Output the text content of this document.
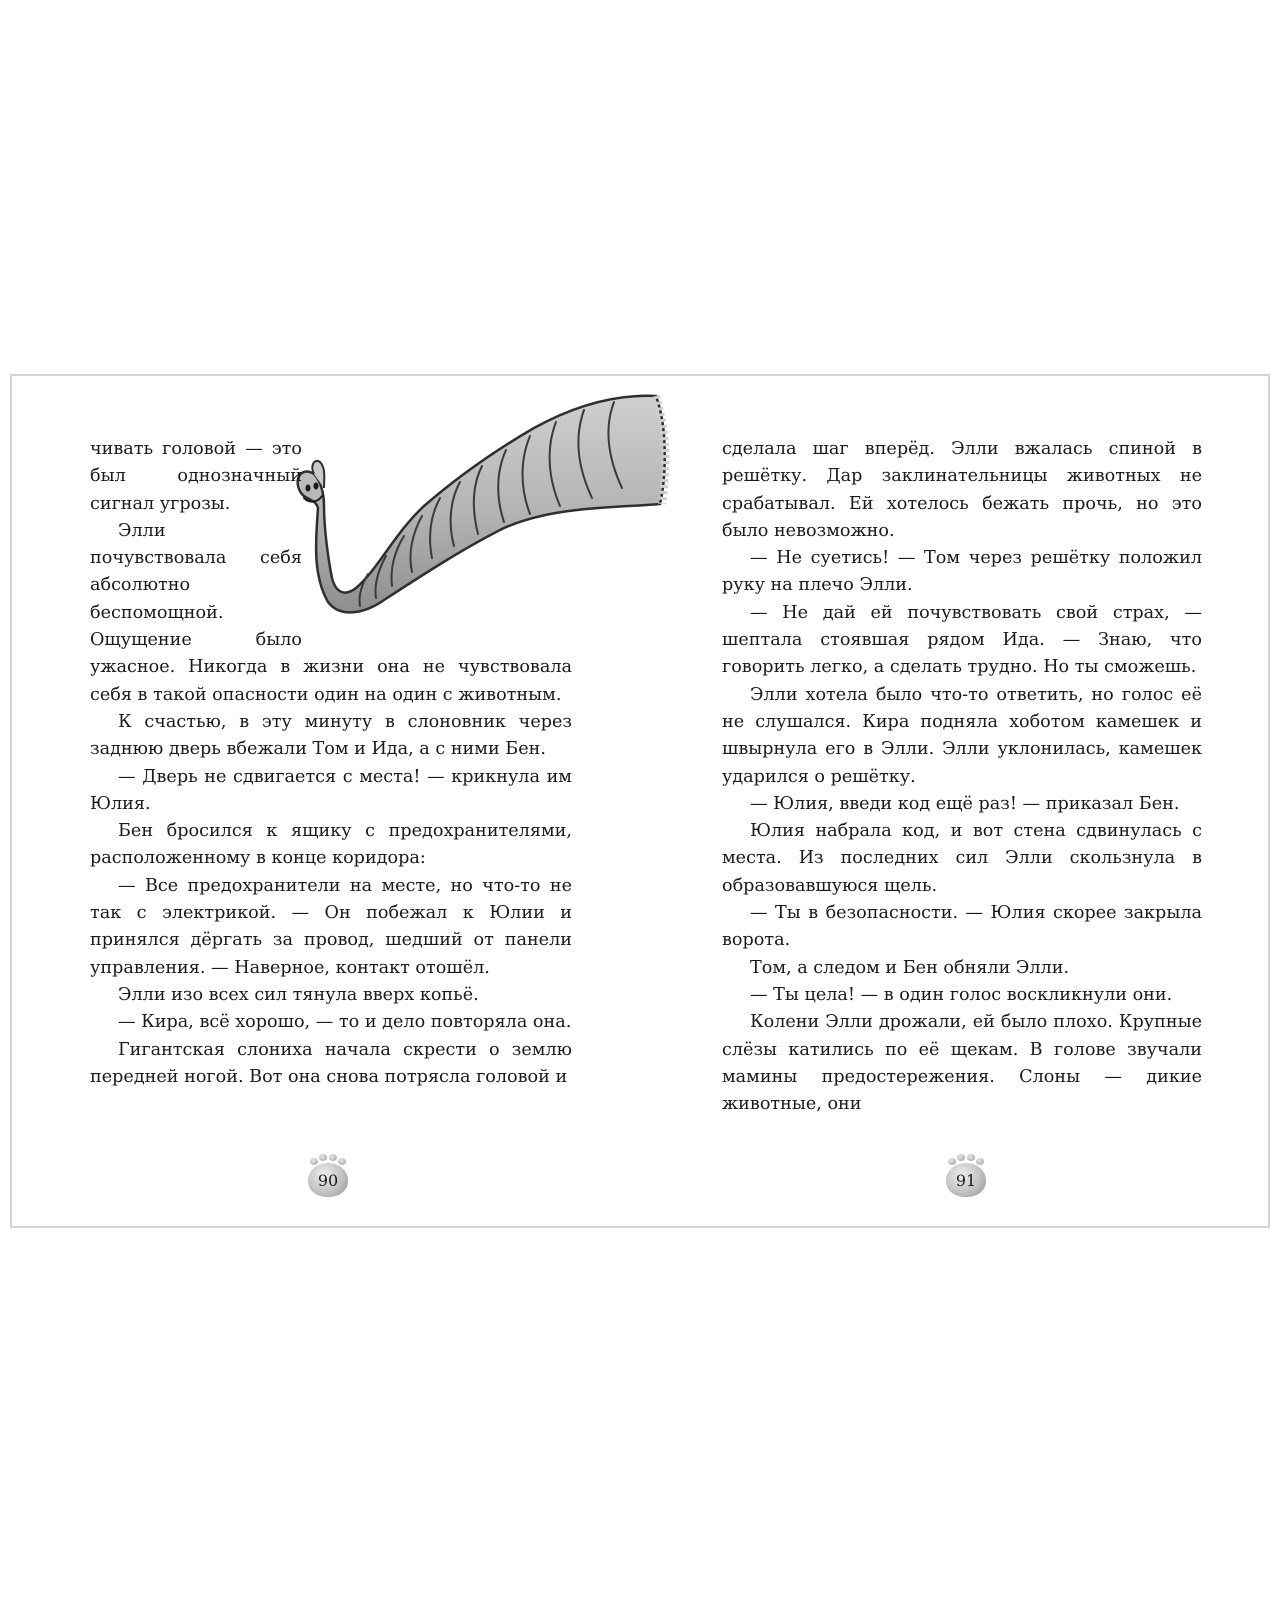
чивать головой — это был однозначный сигнал угрозы.

Элли почувствовала себя абсолютно беспомощной. Ощущение было ужасное. Никогда в жизни она не чувствовала себя в такой опасности один на один с животным.

К счастью, в эту минуту в слоновник через заднюю дверь вбежали Том и Ида, а с ними Бен.

— Дверь не сдвигается с места! — крикнула им Юлия.

Бен бросился к ящику с предохранителями, расположенному в конце коридора:

— Все предохранители на месте, но что-то не так с электрикой. — Он побежал к Юлии и принялся дёргать за провод, шедший от панели управления. — Наверное, контакт отошёл.

Элли изо всех сил тянула вверх копьё.

— Кира, всё хорошо, — то и дело повторяла она.

Гигантская слониха начала скрести о землю передней ногой. Вот она снова потрясла головой и

сделала шаг вперёд. Элли вжалась спиной в решётку. Дар заклинательницы животных не срабатывал. Ей хотелось бежать прочь, но это было невозможно.

— Не суетись! — Том через решётку положил руку на плечо Элли.

— Не дай ей почувствовать свой страх, — шептала стоявшая рядом Ида. — Знаю, что говорить легко, а сделать трудно. Но ты сможешь.

Элли хотела было что-то ответить, но голос её не слушался. Кира подняла хоботом камешек и швырнула его в Элли. Элли уклонилась, камешек ударился о решётку.

— Юлия, введи код ещё раз! — приказал Бен.

Юлия набрала код, и вот стена сдвинулась с места. Из последних сил Элли скользнула в образовавшуюся щель.

— Ты в безопасности. — Юлия скорее закрыла ворота.

Том, а следом и Бен обняли Элли.

— Ты цела! — в один голос воскликнули они.

Колени Элли дрожали, ей было плохо. Крупные слёзы катились по её щекам. В голове звучали мамины предостережения. Слоны — дикие животные, они

90	91
